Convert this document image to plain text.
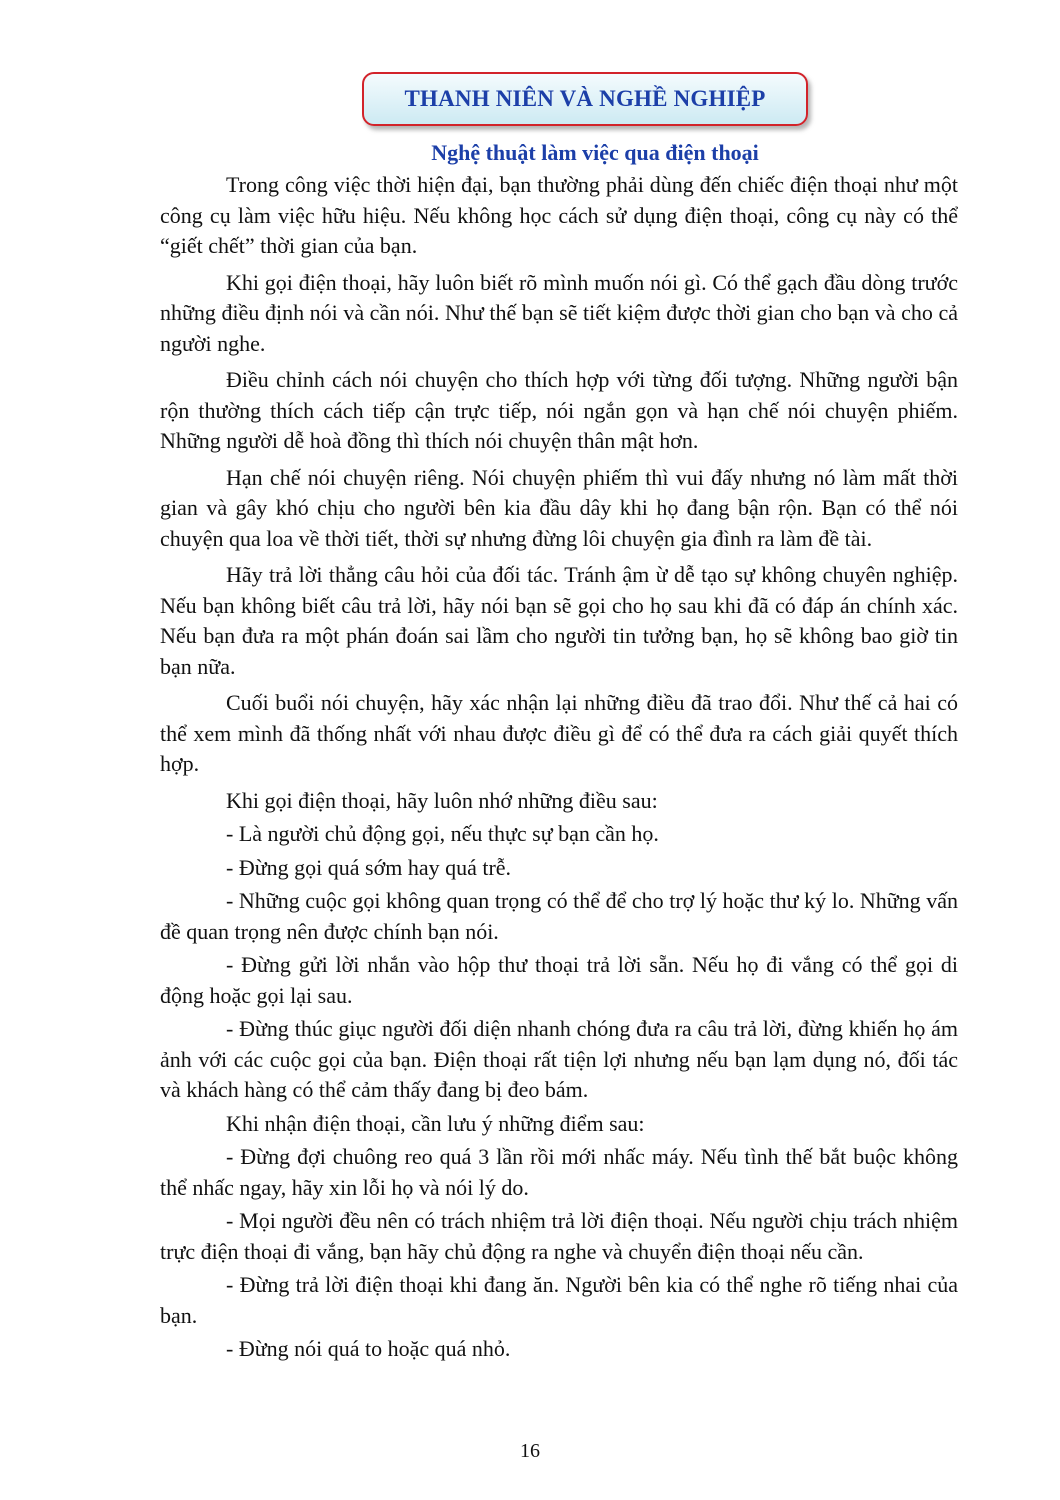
THANH NIÊN VÀ NGHỀ NGHIỆP
Nghệ thuật làm việc qua điện thoại

Trong công việc thời hiện đại, bạn thường phải dùng đến chiếc điện thoại như một công cụ làm việc hữu hiệu. Nếu không học cách sử dụng điện thoại, công cụ này có thể “giết chết” thời gian của bạn.

Khi gọi điện thoại, hãy luôn biết rõ mình muốn nói gì. Có thể gạch đầu dòng trước những điều định nói và cần nói. Như thế bạn sẽ tiết kiệm được thời gian cho bạn và cho cả người nghe.

Điều chỉnh cách nói chuyện cho thích hợp với từng đối tượng. Những người bận rộn thường thích cách tiếp cận trực tiếp, nói ngắn gọn và hạn chế nói chuyện phiếm. Những người dễ hoà đồng thì thích nói chuyện thân mật hơn.

Hạn chế nói chuyện riêng. Nói chuyện phiếm thì vui đấy nhưng nó làm mất thời gian và gây khó chịu cho người bên kia đầu dây khi họ đang bận rộn. Bạn có thể nói chuyện qua loa về thời tiết, thời sự nhưng đừng lôi chuyện gia đình ra làm đề tài.

Hãy trả lời thẳng câu hỏi của đối tác. Tránh ậm ừ dễ tạo sự không chuyên nghiệp. Nếu bạn không biết câu trả lời, hãy nói bạn sẽ gọi cho họ sau khi đã có đáp án chính xác. Nếu bạn đưa ra một phán đoán sai lầm cho người tin tưởng bạn, họ sẽ không bao giờ tin bạn nữa.

Cuối buổi nói chuyện, hãy xác nhận lại những điều đã trao đổi. Như thế cả hai có thể xem mình đã thống nhất với nhau được điều gì để có thể đưa ra cách giải quyết thích hợp.

Khi gọi điện thoại, hãy luôn nhớ những điều sau:

- Là người chủ động gọi, nếu thực sự bạn cần họ.

- Đừng gọi quá sớm hay quá trễ.

- Những cuộc gọi không quan trọng có thể để cho trợ lý hoặc thư ký lo. Những vấn đề quan trọng nên được chính bạn nói.

- Đừng gửi lời nhắn vào hộp thư thoại trả lời sẵn. Nếu họ đi vắng có thể gọi di động hoặc gọi lại sau.

- Đừng thúc giục người đối diện nhanh chóng đưa ra câu trả lời, đừng khiến họ ám ảnh với các cuộc gọi của bạn. Điện thoại rất tiện lợi nhưng nếu bạn lạm dụng nó, đối tác và khách hàng có thể cảm thấy đang bị đeo bám.

Khi nhận điện thoại, cần lưu ý những điểm sau:

- Đừng đợi chuông reo quá 3 lần rồi mới nhấc máy. Nếu tình thế bắt buộc không thể nhấc ngay, hãy xin lỗi họ và nói lý do.

- Mọi người đều nên có trách nhiệm trả lời điện thoại. Nếu người chịu trách nhiệm trực điện thoại đi vắng, bạn hãy chủ động ra nghe và chuyển điện thoại nếu cần.

- Đừng trả lời điện thoại khi đang ăn. Người bên kia có thể nghe rõ tiếng nhai của bạn.

- Đừng nói quá to hoặc quá nhỏ.

16
